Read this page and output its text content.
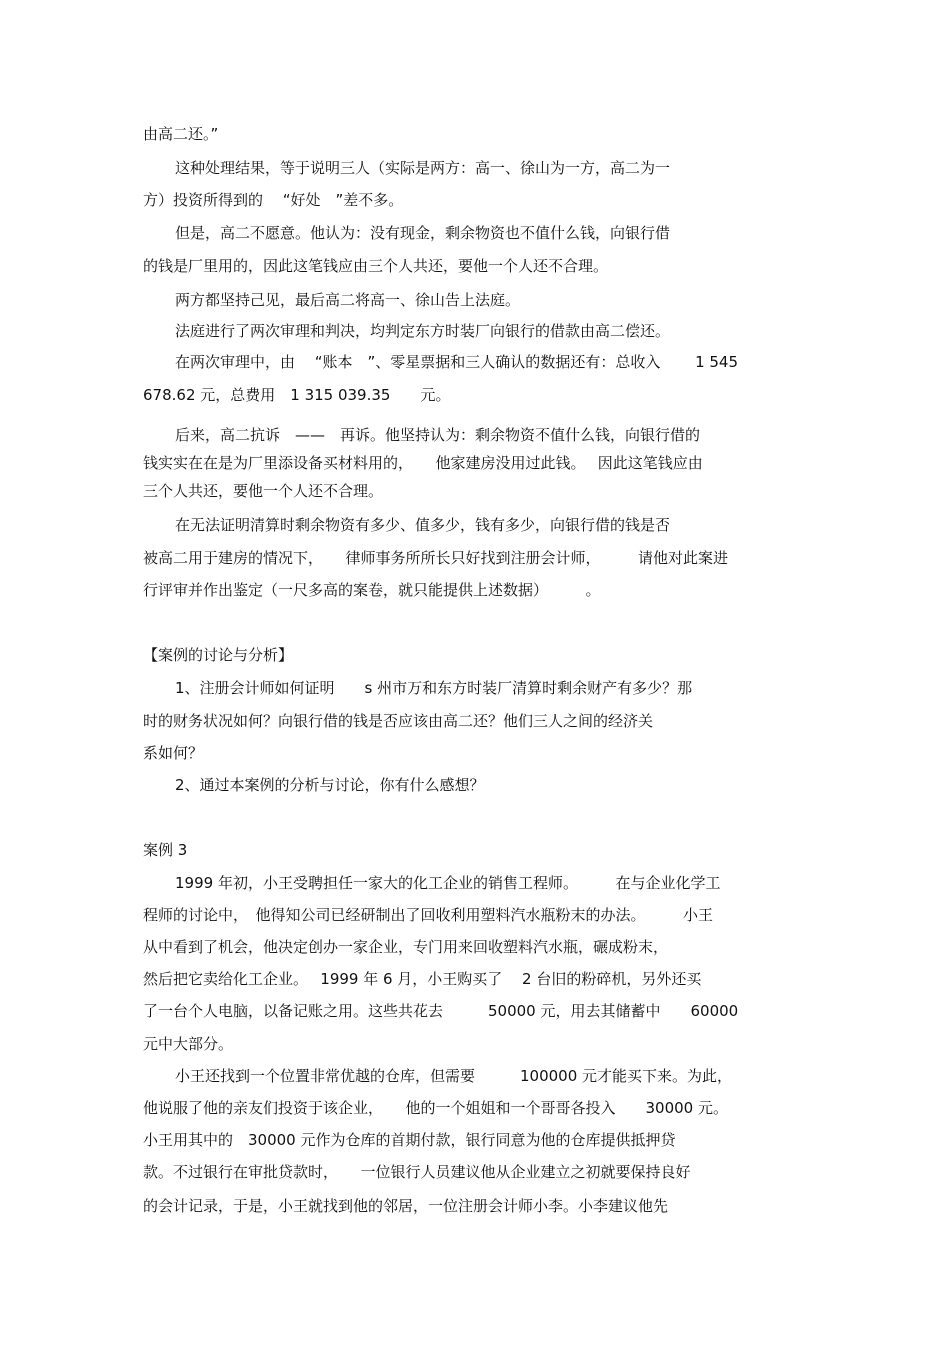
由高二还。”

这种处理结果，等于说明三人（实际是两方：高一、徐山为一方，高二为一

方）投资所得到的　 “好处　”差不多。

但是，高二不愿意。他认为：没有现金，剩余物资也不值什么钱，向银行借

的钱是厂里用的，因此这笔钱应由三个人共还，要他一个人还不合理。

两方都坚持己见，最后高二将高一、徐山告上法庭。

法庭进行了两次审理和判决，均判定东方时装厂向银行的借款由高二偿还。

在两次审理中，由　 “账本　”、零星票据和三人确认的数据还有：总收入　　 1 545

678.62 元，总费用　1 315 039.35　　元。

后来，高二抗诉　——　再诉。他坚持认为：剩余物资不值什么钱，向银行借的

钱实实在在是为厂里添设备买材料用的，　　他家建房没用过此钱。　 因此这笔钱应由

三个人共还，要他一个人还不合理。

在无法证明清算时剩余物资有多少、值多少，钱有多少，向银行借的钱是否

被高二用于建房的情况下，　　律师事务所所长只好找到注册会计师，　　　请他对此案进

行评审并作出鉴定（一尺多高的案卷，就只能提供上述数据）　　　。

【案例的讨论与分析】

1、注册会计师如何证明　　s 州市万和东方时装厂清算时剩余财产有多少？那

时的财务状况如何？向银行借的钱是否应该由高二还？他们三人之间的经济关

系如何？

2、通过本案例的分析与讨论，你有什么感想？

案例 3

1999 年初，小王受聘担任一家大的化工企业的销售工程师。　　　在与企业化学工

程师的讨论中，　他得知公司已经研制出了回收利用塑料汽水瓶粉末的办法。　　　小王

从中看到了机会，他决定创办一家企业，专门用来回收塑料汽水瓶，碾成粉末，

然后把它卖给化工企业。　 1999 年 6 月，小王购买了　 2 台旧的粉碎机，另外还买

了一台个人电脑，以备记账之用。这些共花去　　　50000 元，用去其储蓄中　　60000

元中大部分。

小王还找到一个位置非常优越的仓库，但需要　　　100000 元才能买下来。为此，

他说服了他的亲友们投资于该企业，　　他的一个姐姐和一个哥哥各投入　　30000 元。

小王用其中的　30000 元作为仓库的首期付款，银行同意为他的仓库提供抵押贷

款。不过银行在审批贷款时，　　一位银行人员建议他从企业建立之初就要保持良好

的会计记录，于是，小王就找到他的邻居，一位注册会计师小李。小李建议他先
